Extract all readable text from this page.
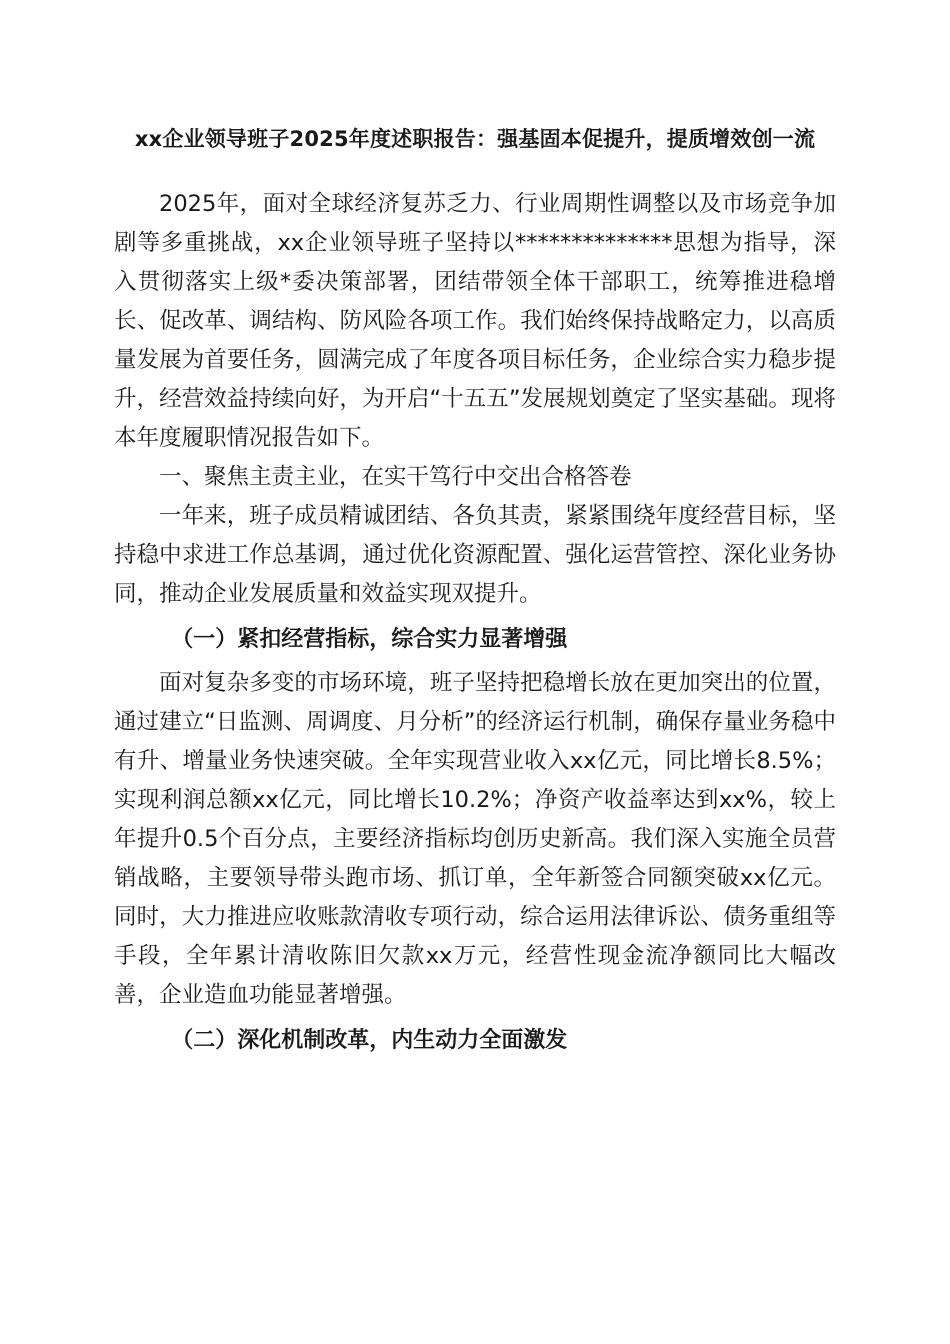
xx企业领导班子2025年度述职报告：强基固本促提升，提质增效创一流

2025年，面对全球经济复苏乏力、行业周期性调整以及市场竞争加剧等多重挑战，xx企业领导班子坚持以**************思想为指导，深入贯彻落实上级*委决策部署，团结带领全体干部职工，统筹推进稳增长、促改革、调结构、防风险各项工作。我们始终保持战略定力，以高质量发展为首要任务，圆满完成了年度各项目标任务，企业综合实力稳步提升，经营效益持续向好，为开启“十五五”发展规划奠定了坚实基础。现将本年度履职情况报告如下。

一、聚焦主责主业，在实干笃行中交出合格答卷

一年来，班子成员精诚团结、各负其责，紧紧围绕年度经营目标，坚持稳中求进工作总基调，通过优化资源配置、强化运营管控、深化业务协同，推动企业发展质量和效益实现双提升。

（一）紧扣经营指标，综合实力显著增强

面对复杂多变的市场环境，班子坚持把稳增长放在更加突出的位置，通过建立“日监测、周调度、月分析”的经济运行机制，确保存量业务稳中有升、增量业务快速突破。全年实现营业收入xx亿元，同比增长8.5%；实现利润总额xx亿元，同比增长10.2%；净资产收益率达到xx%，较上年提升0.5个百分点，主要经济指标均创历史新高。我们深入实施全员营销战略，主要领导带头跑市场、抓订单，全年新签合同额突破xx亿元。同时，大力推进应收账款清收专项行动，综合运用法律诉讼、债务重组等手段，全年累计清收陈旧欠款xx万元，经营性现金流净额同比大幅改善，企业造血功能显著增强。

（二）深化机制改革，内生动力全面激发
